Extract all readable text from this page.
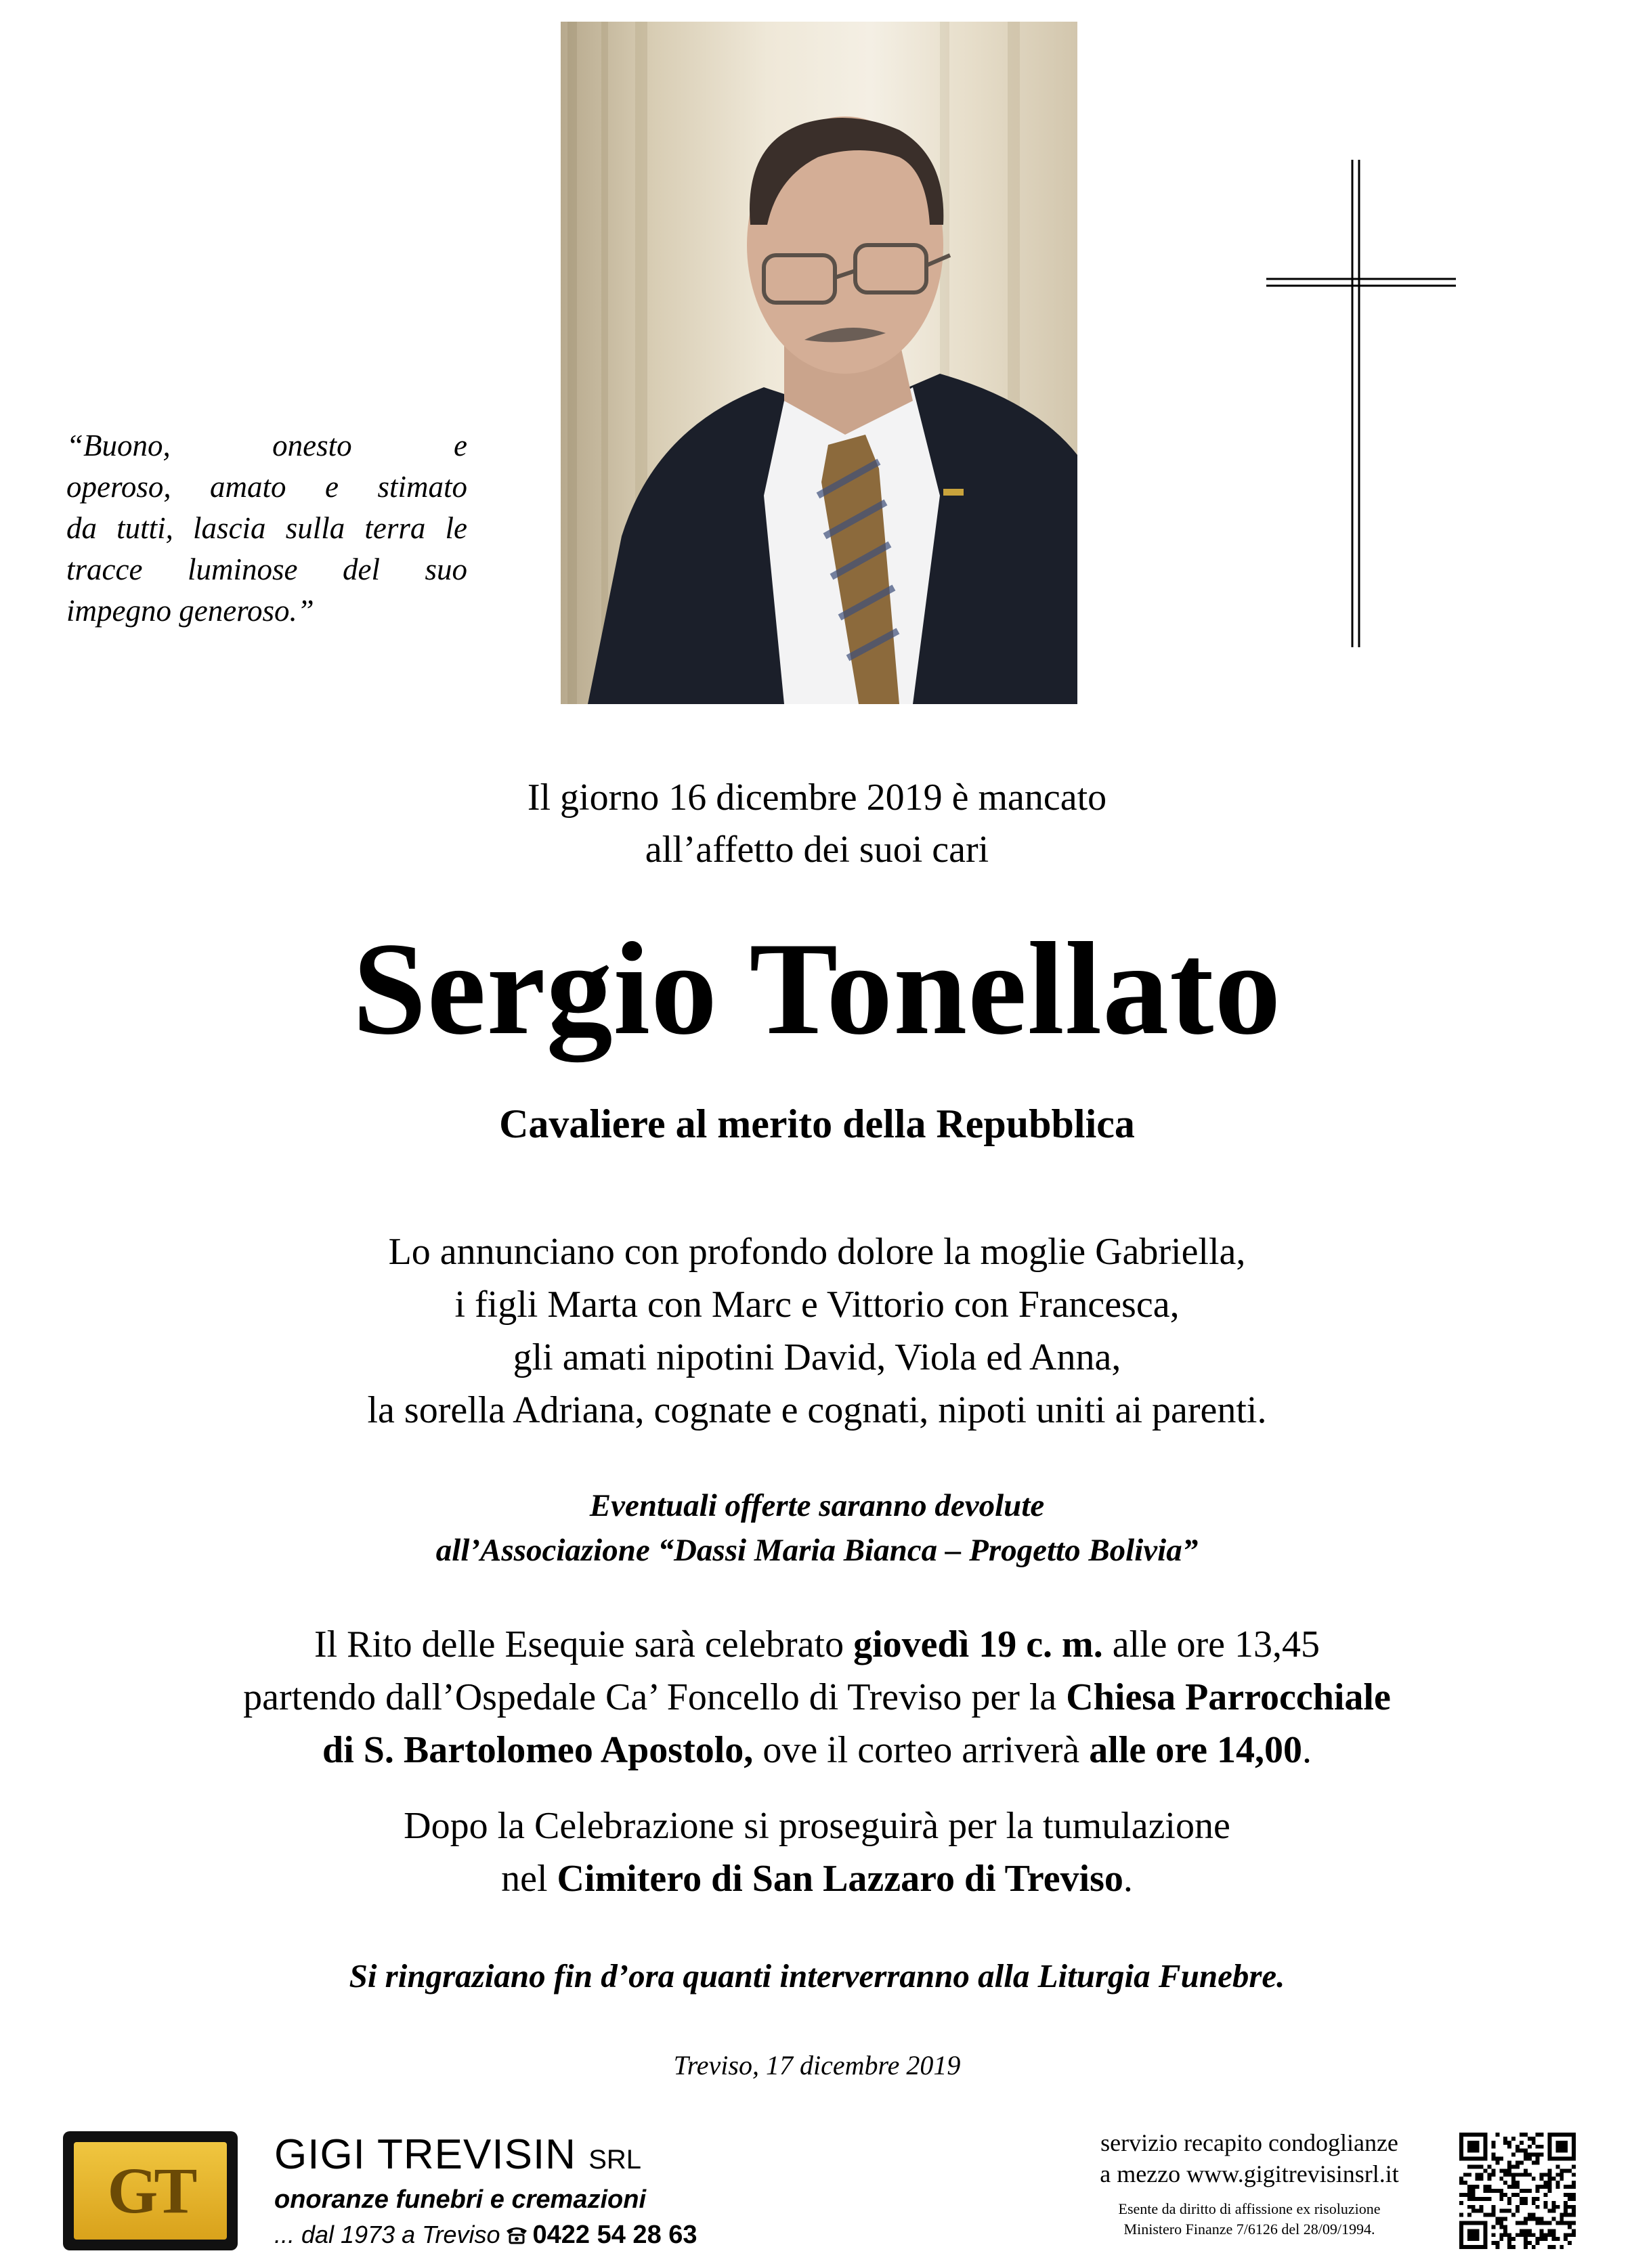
“Buono, onesto e
operoso, amato e stimato
da tutti, lascia sulla terra le
tracce luminose del suo
impegno generoso.”
Il giorno 16 dicembre 2019 è mancato
all’affetto dei suoi cari
Sergio Tonellato
Cavaliere al merito della Repubblica
Lo annunciano con profondo dolore la moglie Gabriella,
i figli Marta con Marc e Vittorio con Francesca,
gli amati nipotini David, Viola ed Anna,
la sorella Adriana, cognate e cognati, nipoti uniti ai parenti.
Eventuali offerte saranno devolute
all’Associazione “Dassi Maria Bianca – Progetto Bolivia”
Il Rito delle Esequie sarà celebrato giovedì 19 c. m. alle ore 13,45
partendo dall’Ospedale Ca’ Foncello di Treviso per la Chiesa Parrocchiale
di S. Bartolomeo Apostolo, ove il corteo arriverà alle ore 14,00.
Dopo la Celebrazione si proseguirà per la tumulazione
nel Cimitero di San Lazzaro di Treviso.
Si ringraziano fin d’ora quanti interverranno alla Liturgia Funebre.
Treviso, 17 dicembre 2019
GT	GIGI TREVISIN SRL
onoranze funebri e cremazioni
... dal 1973 a Treviso 0422 54 28 63
servizio recapito condoglianze
a mezzo www.gigitrevisinsrl.it
Esente da diritto di affissione ex risoluzione
Ministero Finanze 7/6126 del 28/09/1994.
